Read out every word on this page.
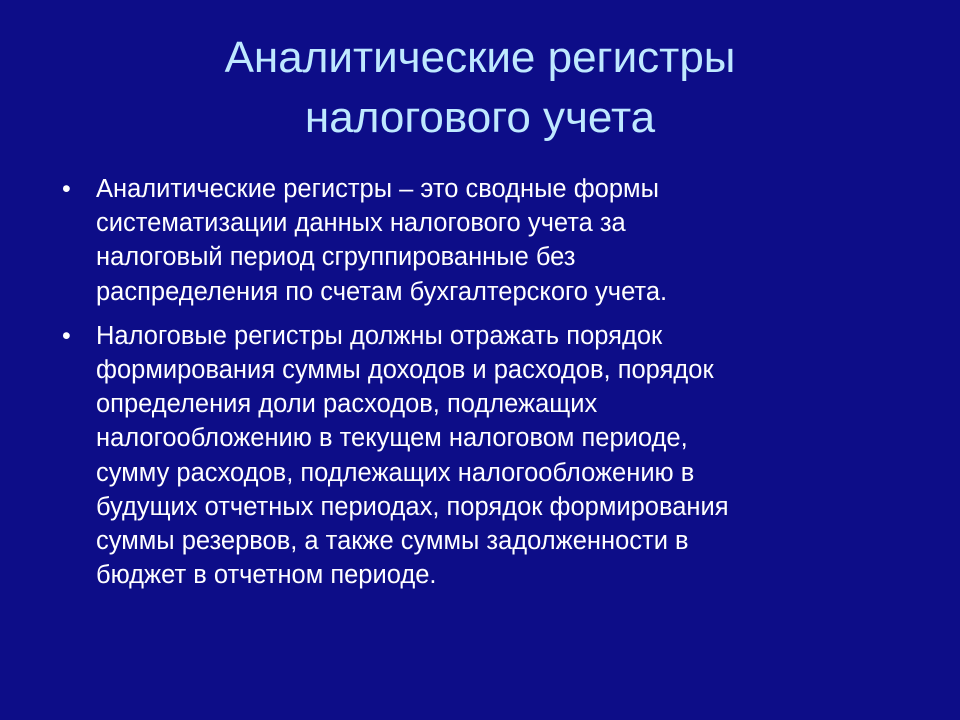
Аналитические регистры
налогового учета
• Аналитические регистры – это сводные формы
систематизации данных налогового учета за
налоговый период сгруппированные без
распределения по счетам бухгалтерского учета.
• Налоговые регистры должны отражать порядок
формирования суммы доходов и расходов, порядок
определения доли расходов, подлежащих
налогообложению в текущем налоговом периоде,
сумму расходов, подлежащих налогообложению в
будущих отчетных периодах, порядок формирования
суммы резервов, а также суммы задолженности в
бюджет в отчетном периоде.
